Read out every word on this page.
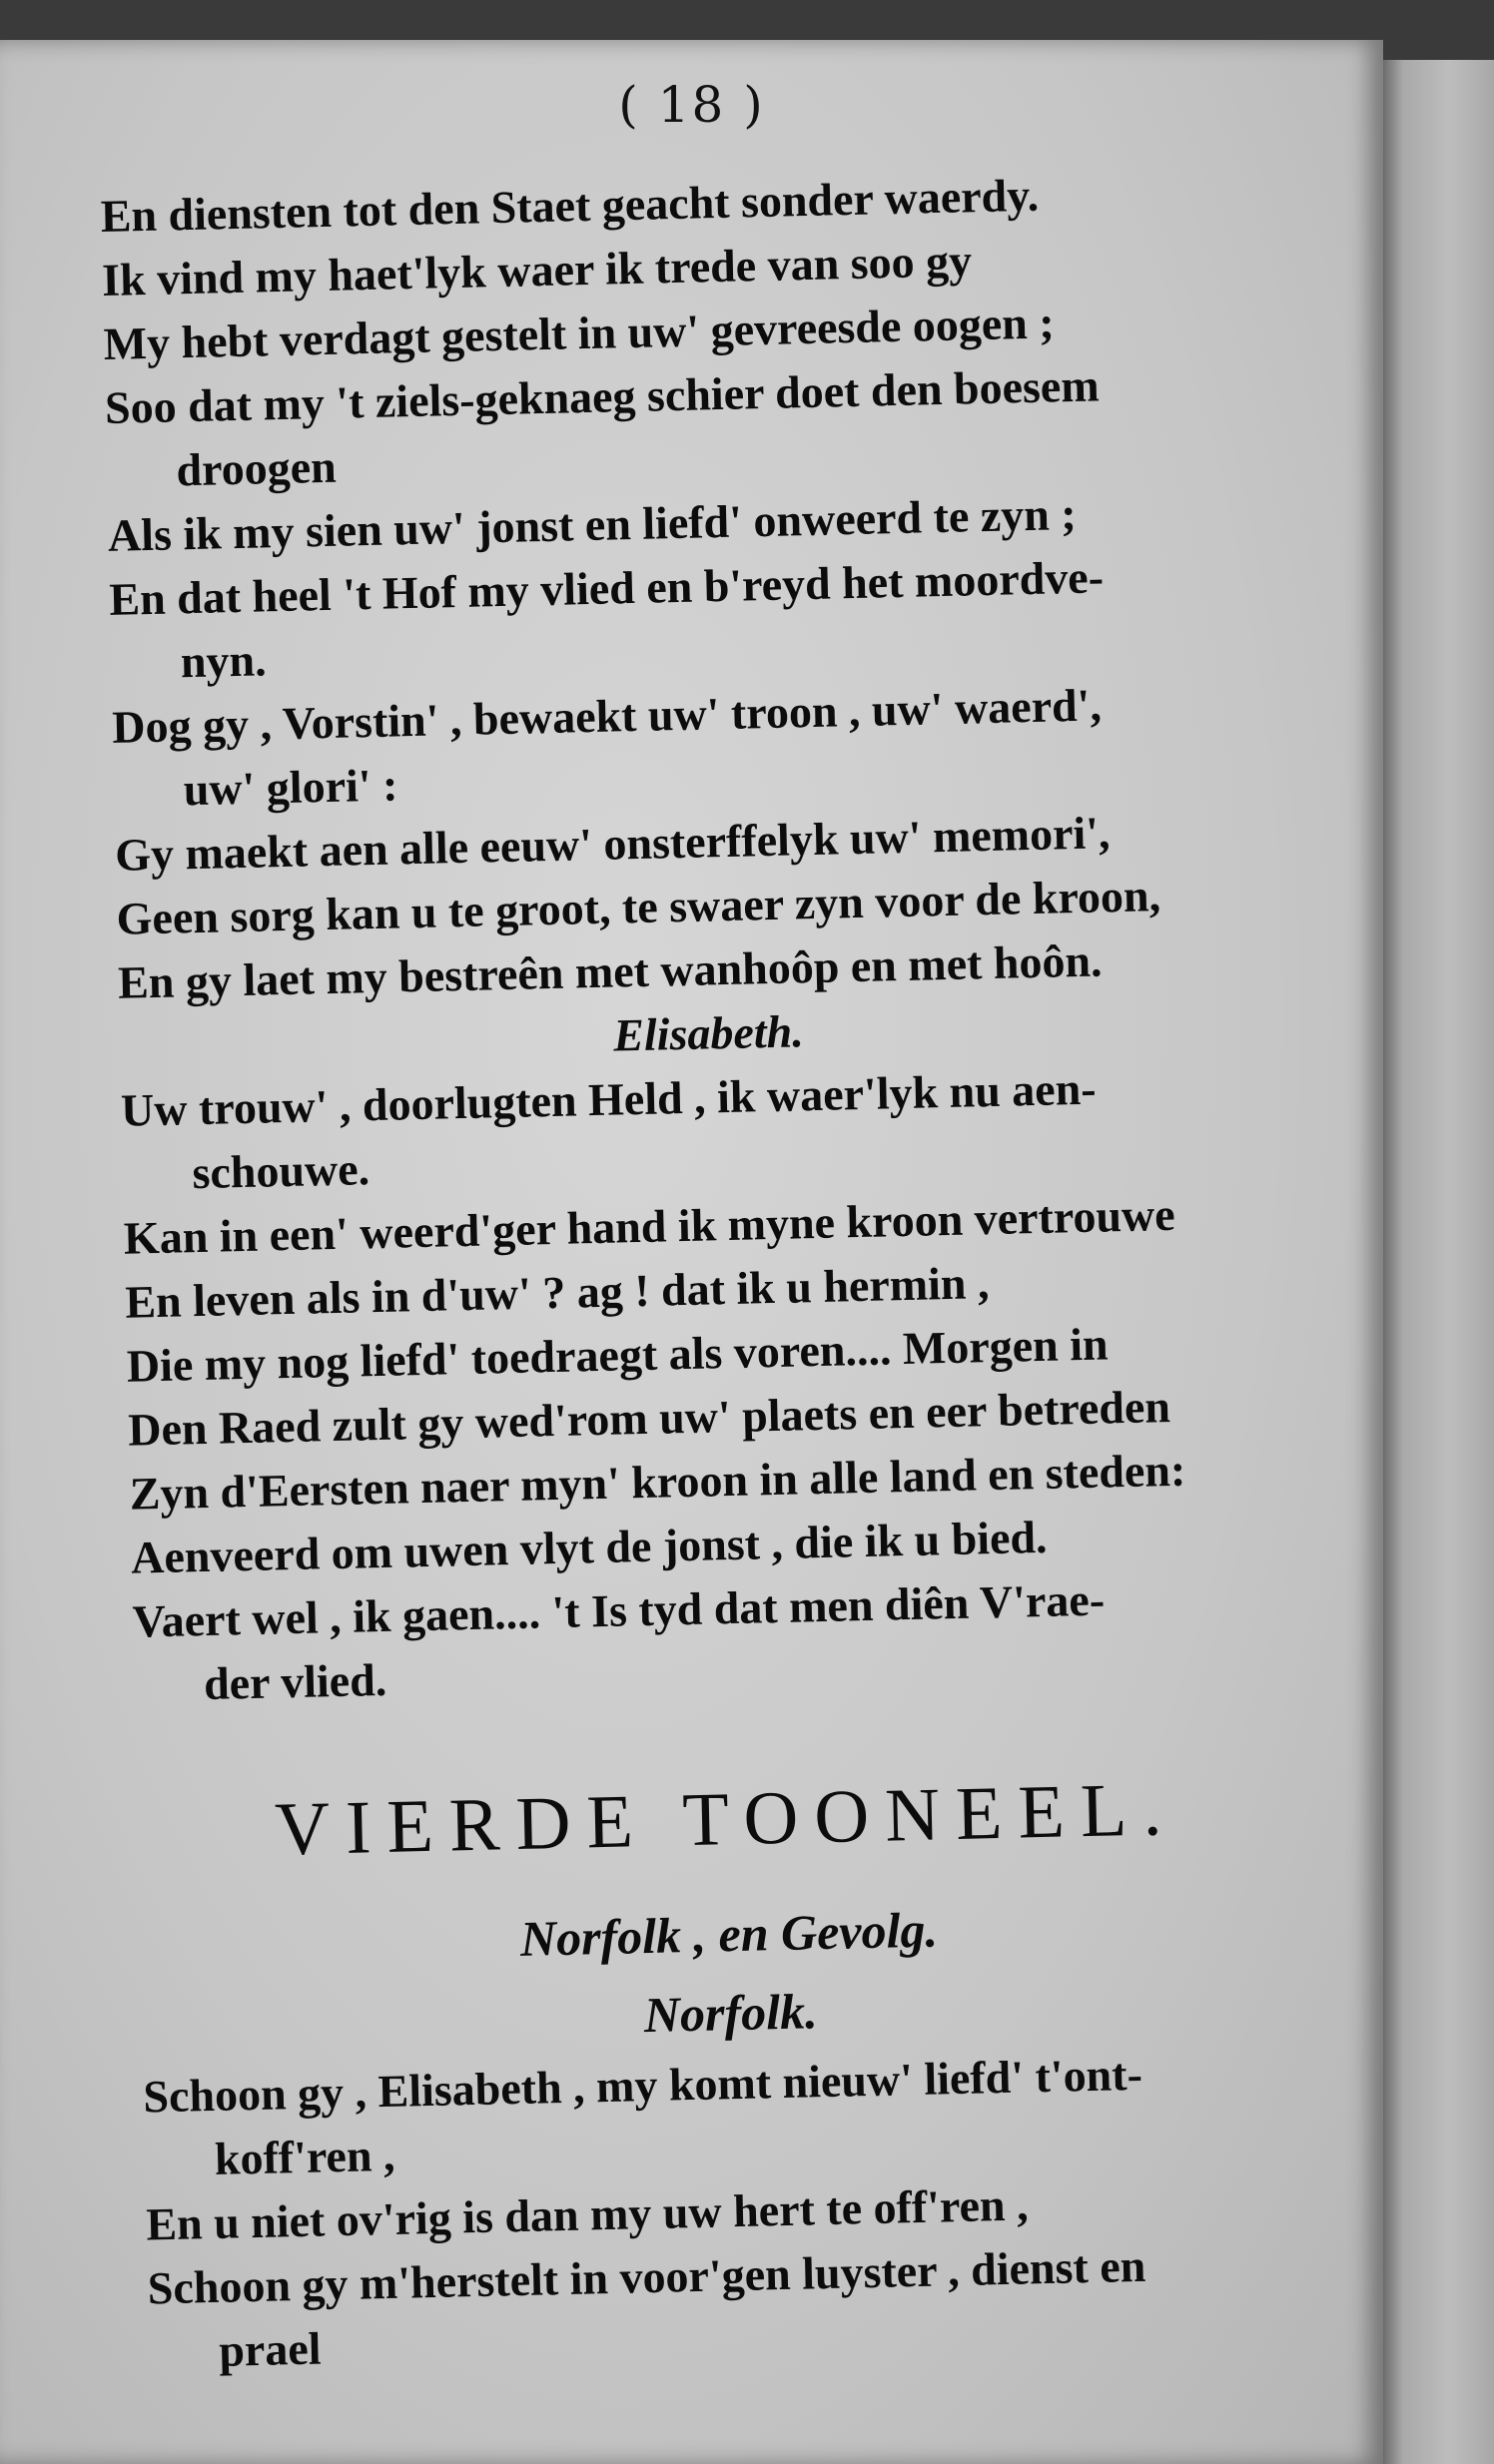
( 18 )
En diensten tot den Staet geacht sonder waerdy.
Ik vind my haet'lyk waer ik trede van soo gy
My hebt verdagt gestelt in uw' gevreesde oogen ;
Soo dat my 't ziels-geknaeg schier doet den boesem
droogen
Als ik my sien uw' jonst en liefd' onweerd te zyn ;
En dat heel 't Hof my vlied en b'reyd het moordve-
nyn.
Dog gy , Vorstin' , bewaekt uw' troon , uw' waerd',
uw' glori' :
Gy maekt aen alle eeuw' onsterffelyk uw' memori',
Geen sorg kan u te groot, te swaer zyn voor de kroon,
En gy laet my bestreên met wanhoôp en met hoôn.
Elisabeth.
Uw trouw' , doorlugten Held , ik waer'lyk nu aen-
schouwe.
Kan in een' weerd'ger hand ik myne kroon vertrouwe
En leven als in d'uw' ? ag ! dat ik u hermin ,
Die my nog liefd' toedraegt als voren.... Morgen in
Den Raed zult gy wed'rom uw' plaets en eer betreden
Zyn d'Eersten naer myn' kroon in alle land en steden:
Aenveerd om uwen vlyt de jonst , die ik u bied.
Vaert wel , ik gaen.... 't Is tyd dat men diên V'rae-
der vlied.
VIERDE TOONEEL.
Norfolk , en Gevolg.
Norfolk.
Schoon gy , Elisabeth , my komt nieuw' liefd' t'ont-
koff'ren ,
En u niet ov'rig is dan my uw hert te off'ren ,
Schoon gy m'herstelt in voor'gen luyster , dienst en
prael
